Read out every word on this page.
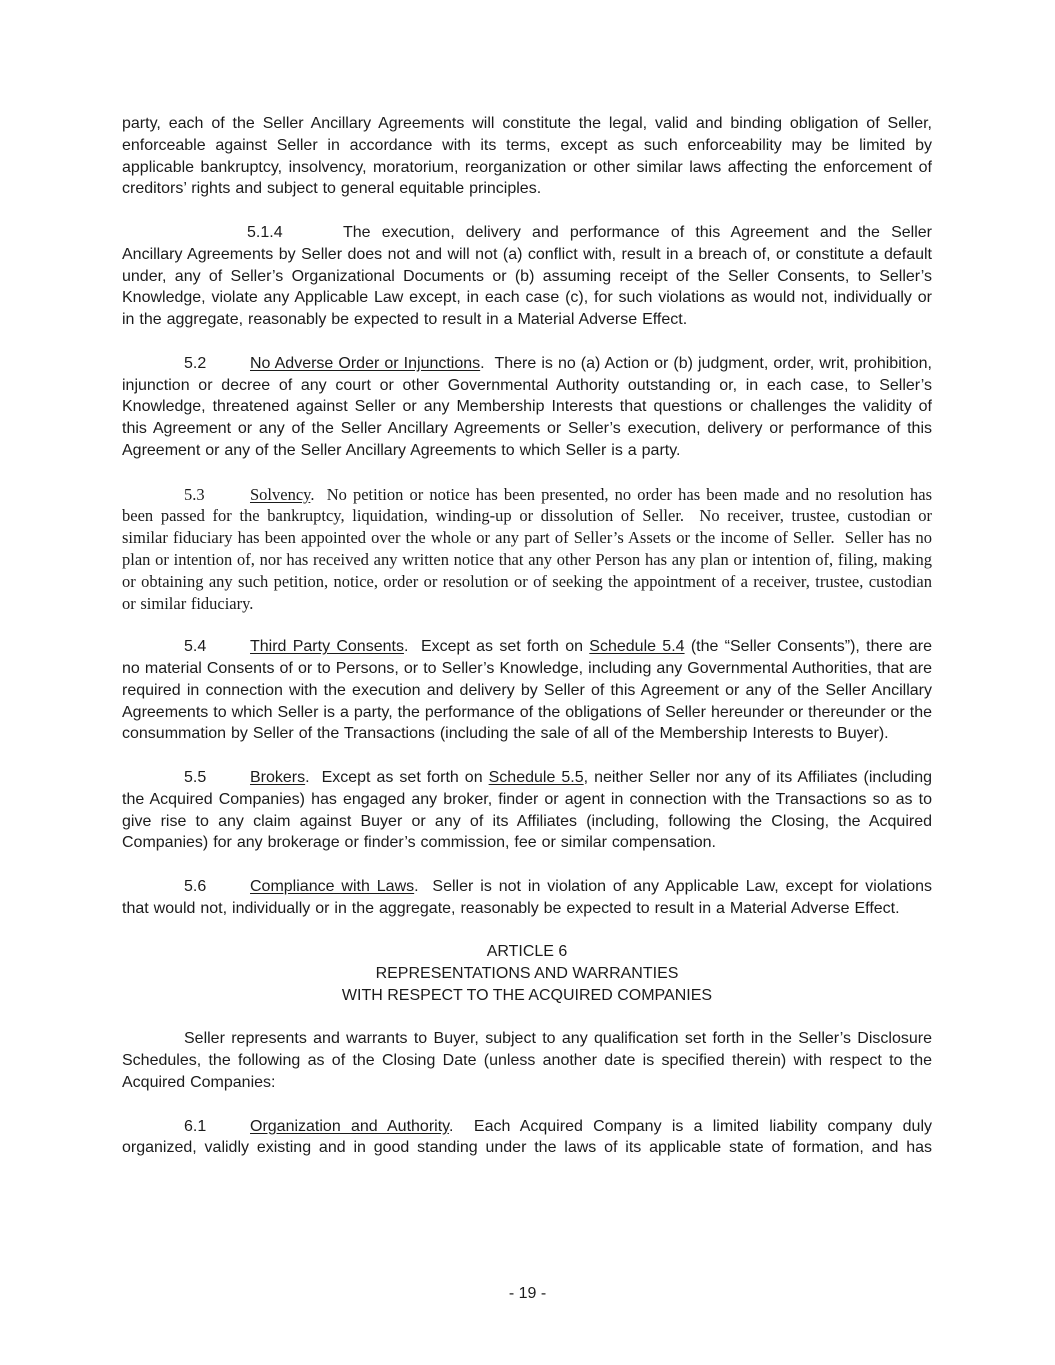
party, each of the Seller Ancillary Agreements will constitute the legal, valid and binding obligation of Seller, enforceable against Seller in accordance with its terms, except as such enforceability may be limited by applicable bankruptcy, insolvency, moratorium, reorganization or other similar laws affecting the enforcement of creditors’ rights and subject to general equitable principles.

5.1.4	The execution, delivery and performance of this Agreement and the Seller Ancillary Agreements by Seller does not and will not (a) conflict with, result in a breach of, or constitute a default under, any of Seller’s Organizational Documents or (b) assuming receipt of the Seller Consents, to Seller’s Knowledge, violate any Applicable Law except, in each case (c), for such violations as would not, individually or in the aggregate, reasonably be expected to result in a Material Adverse Effect.

5.2	No Adverse Order or Injunctions.  There is no (a) Action or (b) judgment, order, writ, prohibition, injunction or decree of any court or other Governmental Authority outstanding or, in each case, to Seller’s Knowledge, threatened against Seller or any Membership Interests that questions or challenges the validity of this Agreement or any of the Seller Ancillary Agreements or Seller’s execution, delivery or performance of this Agreement or any of the Seller Ancillary Agreements to which Seller is a party.

5.3	Solvency.  No petition or notice has been presented, no order has been made and no resolution has been passed for the bankruptcy, liquidation, winding-up or dissolution of Seller.  No receiver, trustee, custodian or similar fiduciary has been appointed over the whole or any part of Seller’s Assets or the income of Seller.  Seller has no plan or intention of, nor has received any written notice that any other Person has any plan or intention of, filing, making or obtaining any such petition, notice, order or resolution or of seeking the appointment of a receiver, trustee, custodian or similar fiduciary.

5.4	Third Party Consents.  Except as set forth on Schedule 5.4 (the “Seller Consents”), there are no material Consents of or to Persons, or to Seller’s Knowledge, including any Governmental Authorities, that are required in connection with the execution and delivery by Seller of this Agreement or any of the Seller Ancillary Agreements to which Seller is a party, the performance of the obligations of Seller hereunder or thereunder or the consummation by Seller of the Transactions (including the sale of all of the Membership Interests to Buyer).

5.5	Brokers.  Except as set forth on Schedule 5.5, neither Seller nor any of its Affiliates (including the Acquired Companies) has engaged any broker, finder or agent in connection with the Transactions so as to give rise to any claim against Buyer or any of its Affiliates (including, following the Closing, the Acquired Companies) for any brokerage or finder’s commission, fee or similar compensation.

5.6	Compliance with Laws.  Seller is not in violation of any Applicable Law, except for violations that would not, individually or in the aggregate, reasonably be expected to result in a Material Adverse Effect.

ARTICLE 6
REPRESENTATIONS AND WARRANTIES
WITH RESPECT TO THE ACQUIRED COMPANIES

Seller represents and warrants to Buyer, subject to any qualification set forth in the Seller’s Disclosure Schedules, the following as of the Closing Date (unless another date is specified therein) with respect to the Acquired Companies:

6.1	Organization and Authority.  Each Acquired Company is a limited liability company duly organized, validly existing and in good standing under the laws of its applicable state of formation, and has

- 19 -
